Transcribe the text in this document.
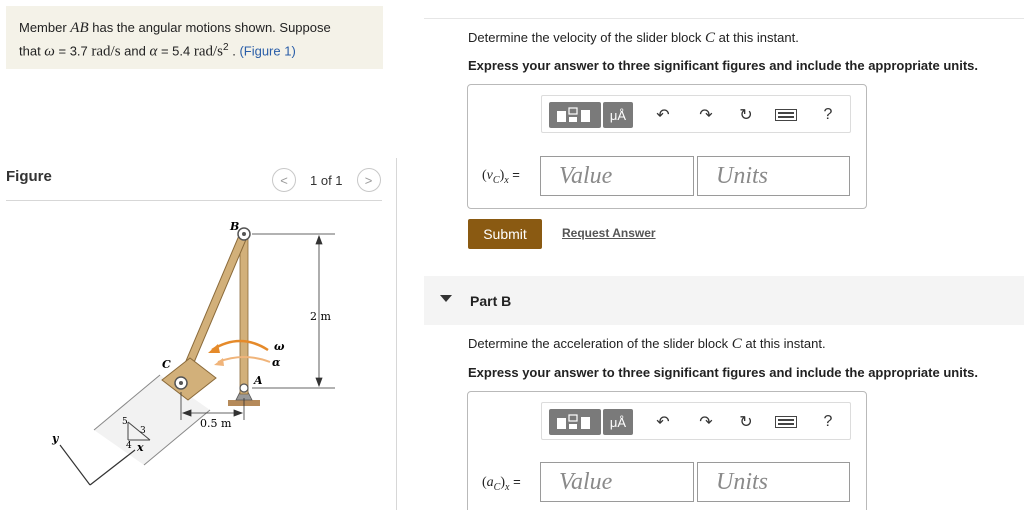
Member AB has the angular motions shown. Suppose
that ω = 3.7 rad/s and α = 5.4 rad/$s^2$ . (Figure 1)
Figure	<	1 of 1	>
5
3
4
y
x
B
C
A
ω
α
2 m
0.5 m
Determine the velocity of the slider block C at this instant.
Express your answer to three significant figures and include the appropriate units.
μÅ ↶ ↷ ↻	?
$(v_C)_x$ =	Value	Units
Submit	Request Answer
Part B
Determine the acceleration of the slider block C at this instant.
Express your answer to three significant figures and include the appropriate units.
μÅ ↶ ↷ ↻	?
$(a_C)_x$ =	Value	Units
